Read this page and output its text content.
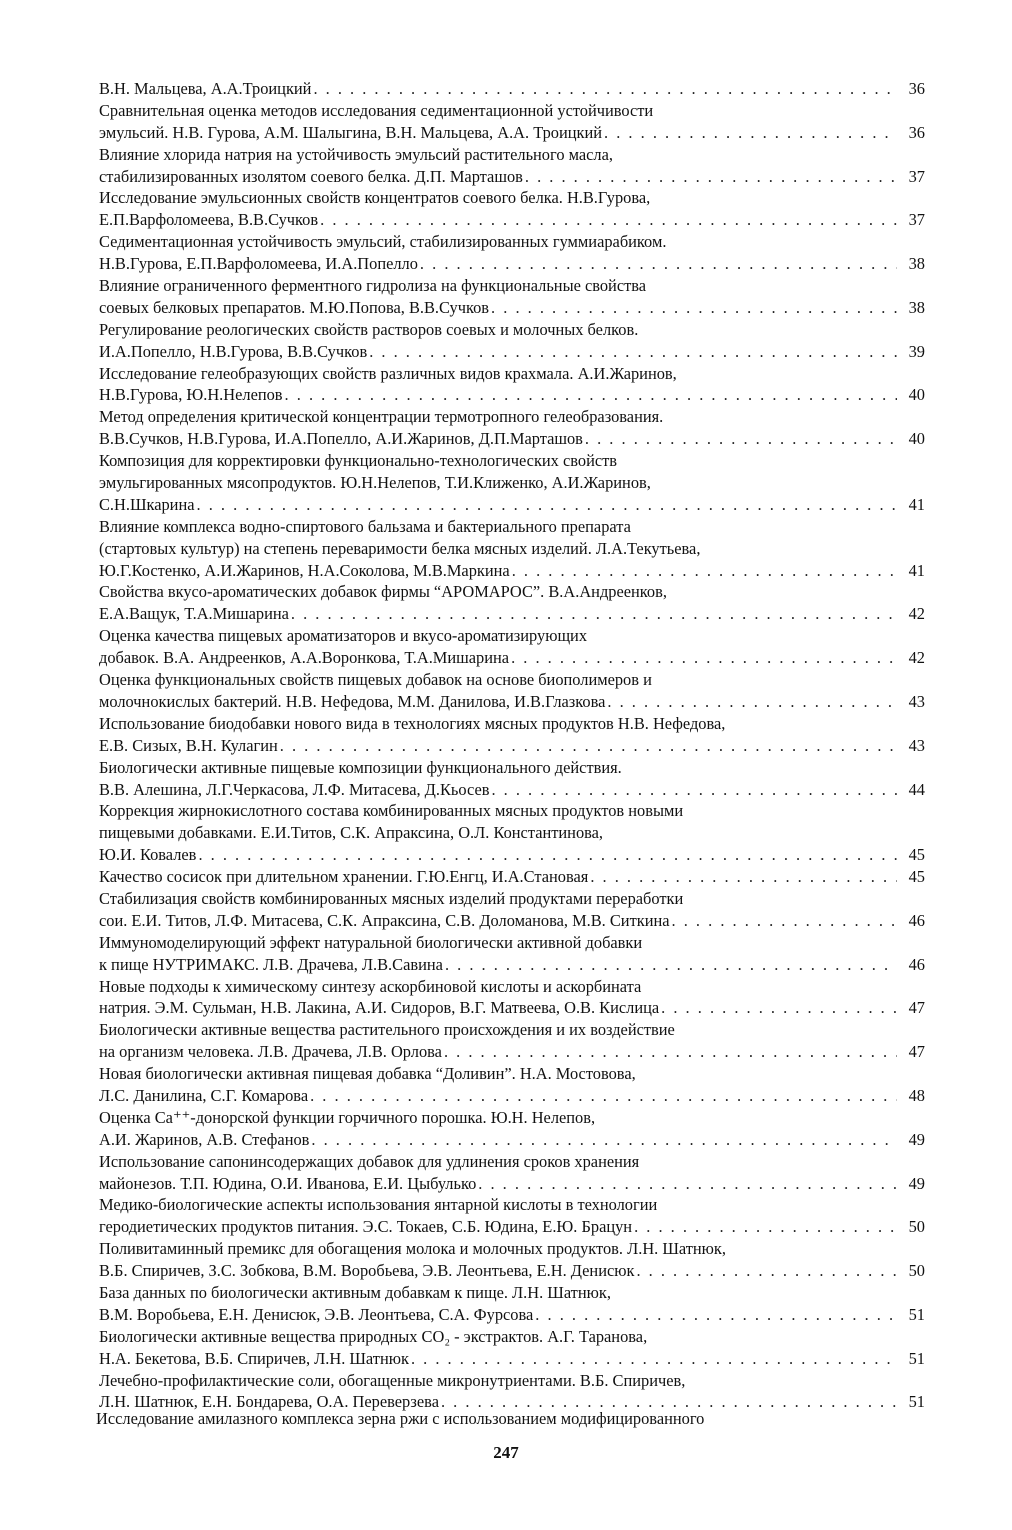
В.Н. Мальцева, А.А.Троицкий . . .	36
Сравнительная оценка методов исследования седиментационной устойчивости
эмульсий. Н.В. Гурова, А.М. Шалыгина, В.Н. Мальцева, А.А. Троицкий . . .	36
Влияние хлорида натрия на устойчивость эмульсий растительного масла,
стабилизированных изолятом соевого белка. Д.П. Марташов . . .	37
Исследование эмульсионных свойств концентратов соевого белка. Н.В.Гурова,
Е.П.Варфоломеева, В.В.Сучков . . .	37
Седиментационная устойчивость эмульсий, стабилизированных гуммиарабиком.
Н.В.Гурова, Е.П.Варфоломеева, И.А.Попелло . . .	38
Влияние ограниченного ферментного гидролиза на функциональные свойства
соевых белковых препаратов. М.Ю.Попова, В.В.Сучков . . .	38
Регулирование реологических свойств растворов соевых и молочных белков.
И.А.Попелло, Н.В.Гурова, В.В.Сучков . . .	39
Исследование гелеобразующих свойств различных видов крахмала. А.И.Жаринов,
Н.В.Гурова, Ю.Н.Нелепов . . .	40
Метод определения критической концентрации термотропного гелеобразования.
В.В.Сучков, Н.В.Гурова, И.А.Попелло, А.И.Жаринов, Д.П.Марташов . . .	40
Композиция для корректировки функционально-технологических свойств
эмульгированных мясопродуктов. Ю.Н.Нелепов, Т.И.Клиженко, А.И.Жаринов,
С.Н.Шкарина . . .	41
Влияние комплекса водно-спиртового бальзама и бактериального препарата
(стартовых культур) на степень переваримости белка мясных изделий. Л.А.Текутьева,
Ю.Г.Костенко, А.И.Жаринов, Н.А.Соколова, М.В.Маркина . . .	41
Свойства вкусо-ароматических добавок фирмы “АРОМАРОС”. В.А.Андреенков,
Е.А.Ващук, Т.А.Мишарина . . .	42
Оценка качества пищевых ароматизаторов и вкусо-ароматизирующих
добавок. В.А. Андреенков, А.А.Воронкова, Т.А.Мишарина . . .	42
Оценка функциональных свойств пищевых добавок на основе биополимеров и
молочнокислых бактерий. Н.В. Нефедова, М.М. Данилова, И.В.Глазкова . . .	43
Использование биодобавки нового вида в технологиях мясных продуктов Н.В. Нефедова,
Е.В. Сизых, В.Н. Кулагин . . .	43
Биологически активные пищевые композиции функционального действия.
В.В. Алешина, Л.Г.Черкасова, Л.Ф. Митасева, Д.Кьосев . . .	44
Коррекция жирнокислотного состава комбинированных мясных продуктов новыми
пищевыми добавками. Е.И.Титов, С.К. Апраксина, О.Л. Константинова,
Ю.И. Ковалев . . .	45
Качество сосисок при длительном хранении. Г.Ю.Енгц, И.А.Становая . . .	45
Стабилизация свойств комбинированных мясных изделий продуктами переработки
сои. Е.И. Титов, Л.Ф. Митасева, С.К. Апраксина, С.В. Доломанова, М.В. Ситкина . . .	46
Иммуномоделирующий эффект натуральной биологически активной добавки
к пище НУТРИМАКС. Л.В. Драчева, Л.В.Савина . . .	46
Новые подходы к химическому синтезу аскорбиновой кислоты и аскорбината
натрия. Э.М. Сульман, Н.В. Лакина, А.И. Сидоров, В.Г. Матвеева, О.В. Кислица . . .	47
Биологически активные вещества растительного происхождения и их воздействие
на организм человека. Л.В. Драчева, Л.В. Орлова . . .	47
Новая биологически активная пищевая добавка “Доливин”. Н.А. Мостовова,
Л.С. Данилина, С.Г. Комарова . . .	48
Оценка Ca⁺⁺-донорской функции горчичного порошка. Ю.Н. Нелепов,
А.И. Жаринов, А.В. Стефанов . . .	49
Использование сапонинсодержащих добавок для удлинения сроков хранения
майонезов. Т.П. Юдина, О.И. Иванова, Е.И. Цыбулько . . .	49
Медико-биологические аспекты использования янтарной кислоты в технологии
геродиетических продуктов питания. Э.С. Токаев, С.Б. Юдина, Е.Ю. Брацун . . .	50
Поливитаминный премикс для обогащения молока и молочных продуктов. Л.Н. Шатнюк,
В.Б. Спиричев, З.С. Зобкова, В.М. Воробьева, Э.В. Леонтьева, Е.Н. Денисюк . . .	50
База данных по биологически активным добавкам к пище. Л.Н. Шатнюк,
В.М. Воробьева, Е.Н. Денисюк, Э.В. Леонтьева, С.А. Фурсова . . .	51
Биологически активные вещества природных CO₂ - экстрактов. А.Г. Таранова,
Н.А. Бекетова, В.Б. Спиричев, Л.Н. Шатнюк . . .	51
Лечебно-профилактические соли, обогащенные микронутриентами. В.Б. Спиричев,
Л.Н. Шатнюк, Е.Н. Бондарева, О.А. Переверзева . . .	51
Исследование амилазного комплекса зерна ржи с использованием модифицированного
247
